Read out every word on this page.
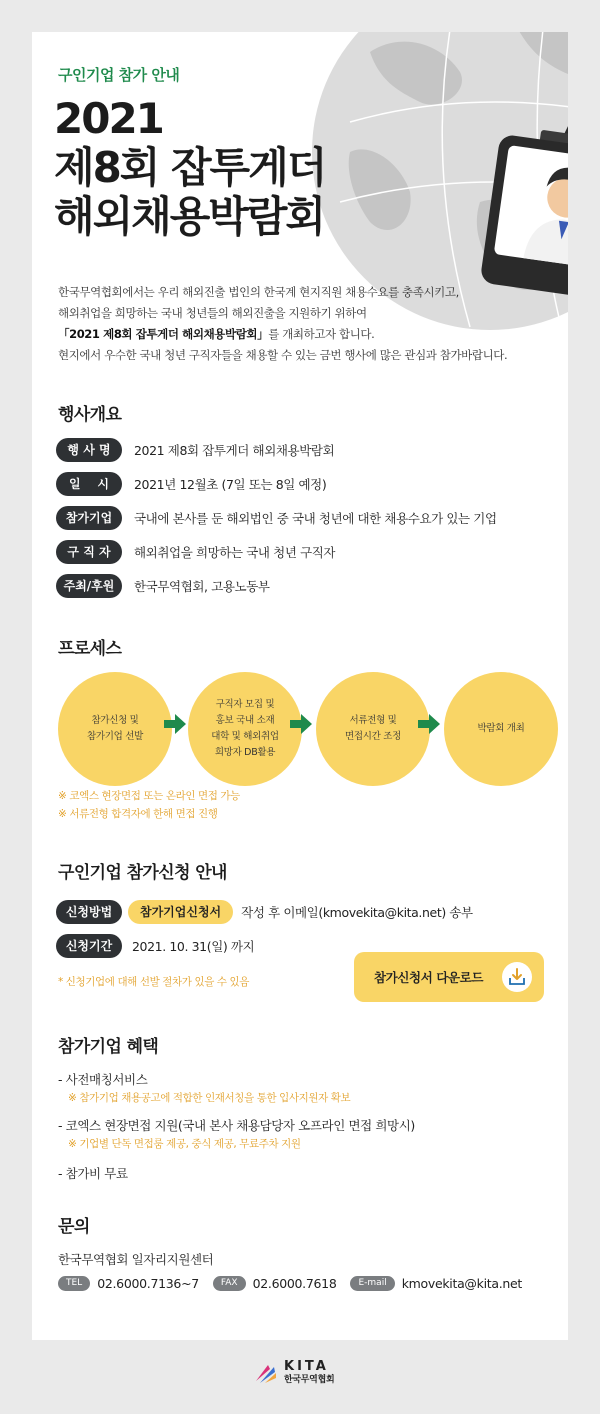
구인기업 참가 안내
2021
제8회 잡투게더
해외채용박람회
한국무역협회에서는 우리 해외진출 법인의 한국계 현지직원 채용수요를 충족시키고,
해외취업을 희망하는 국내 청년들의 해외진출을 지원하기 위하여
「2021 제8회 잡투게더 해외채용박람회」를 개최하고자 합니다.
현지에서 우수한 국내 청년 구직자들을 채용할 수 있는 금번 행사에 많은 관심과 참가바랍니다.
행사개요
행 사 명	2021 제8회 잡투게더 해외채용박람회
일    시	2021년 12월초 (7일 또는 8일 예정)
참가기업	국내에 본사를 둔 해외법인 중 국내 청년에 대한 채용수요가 있는 기업
구 직 자	해외취업을 희망하는 국내 청년 구직자
주최/후원	한국무역협회, 고용노동부
프로세스
참가신청 및
참가기업 선발
구직자 모집 및
홍보 국내 소재
대학 및 해외취업
희망자 DB활용
서류전형 및
면접시간 조정
박람회 개최
※ 코엑스 현장면접 또는 온라인 면접 가능
※ 서류전형 합격자에 한해 면접 진행
구인기업 참가신청 안내
신청방법	참가기업신청서	작성 후 이메일(kmovekita@kita.net) 송부
신청기간	2021. 10. 31(일) 까지
* 신청기업에 대해 선발 절차가 있을 수 있음	참가신청서 다운로드
참가기업 혜택
- 사전매칭서비스
※ 참가기업 채용공고에 적합한 인재서칭을 통한 입사지원자 확보
- 코엑스 현장면접 지원(국내 본사 채용담당자 오프라인 면접 희망시)
※ 기업별 단독 면접룸 제공, 중식 제공, 무료주차 지원
- 참가비 무료
문의
한국무역협회 일자리지원센터
TEL	02.6000.7136~7	FAX	02.6000.7618	E-mail	kmovekita@kita.net
KITA
한국무역협회
